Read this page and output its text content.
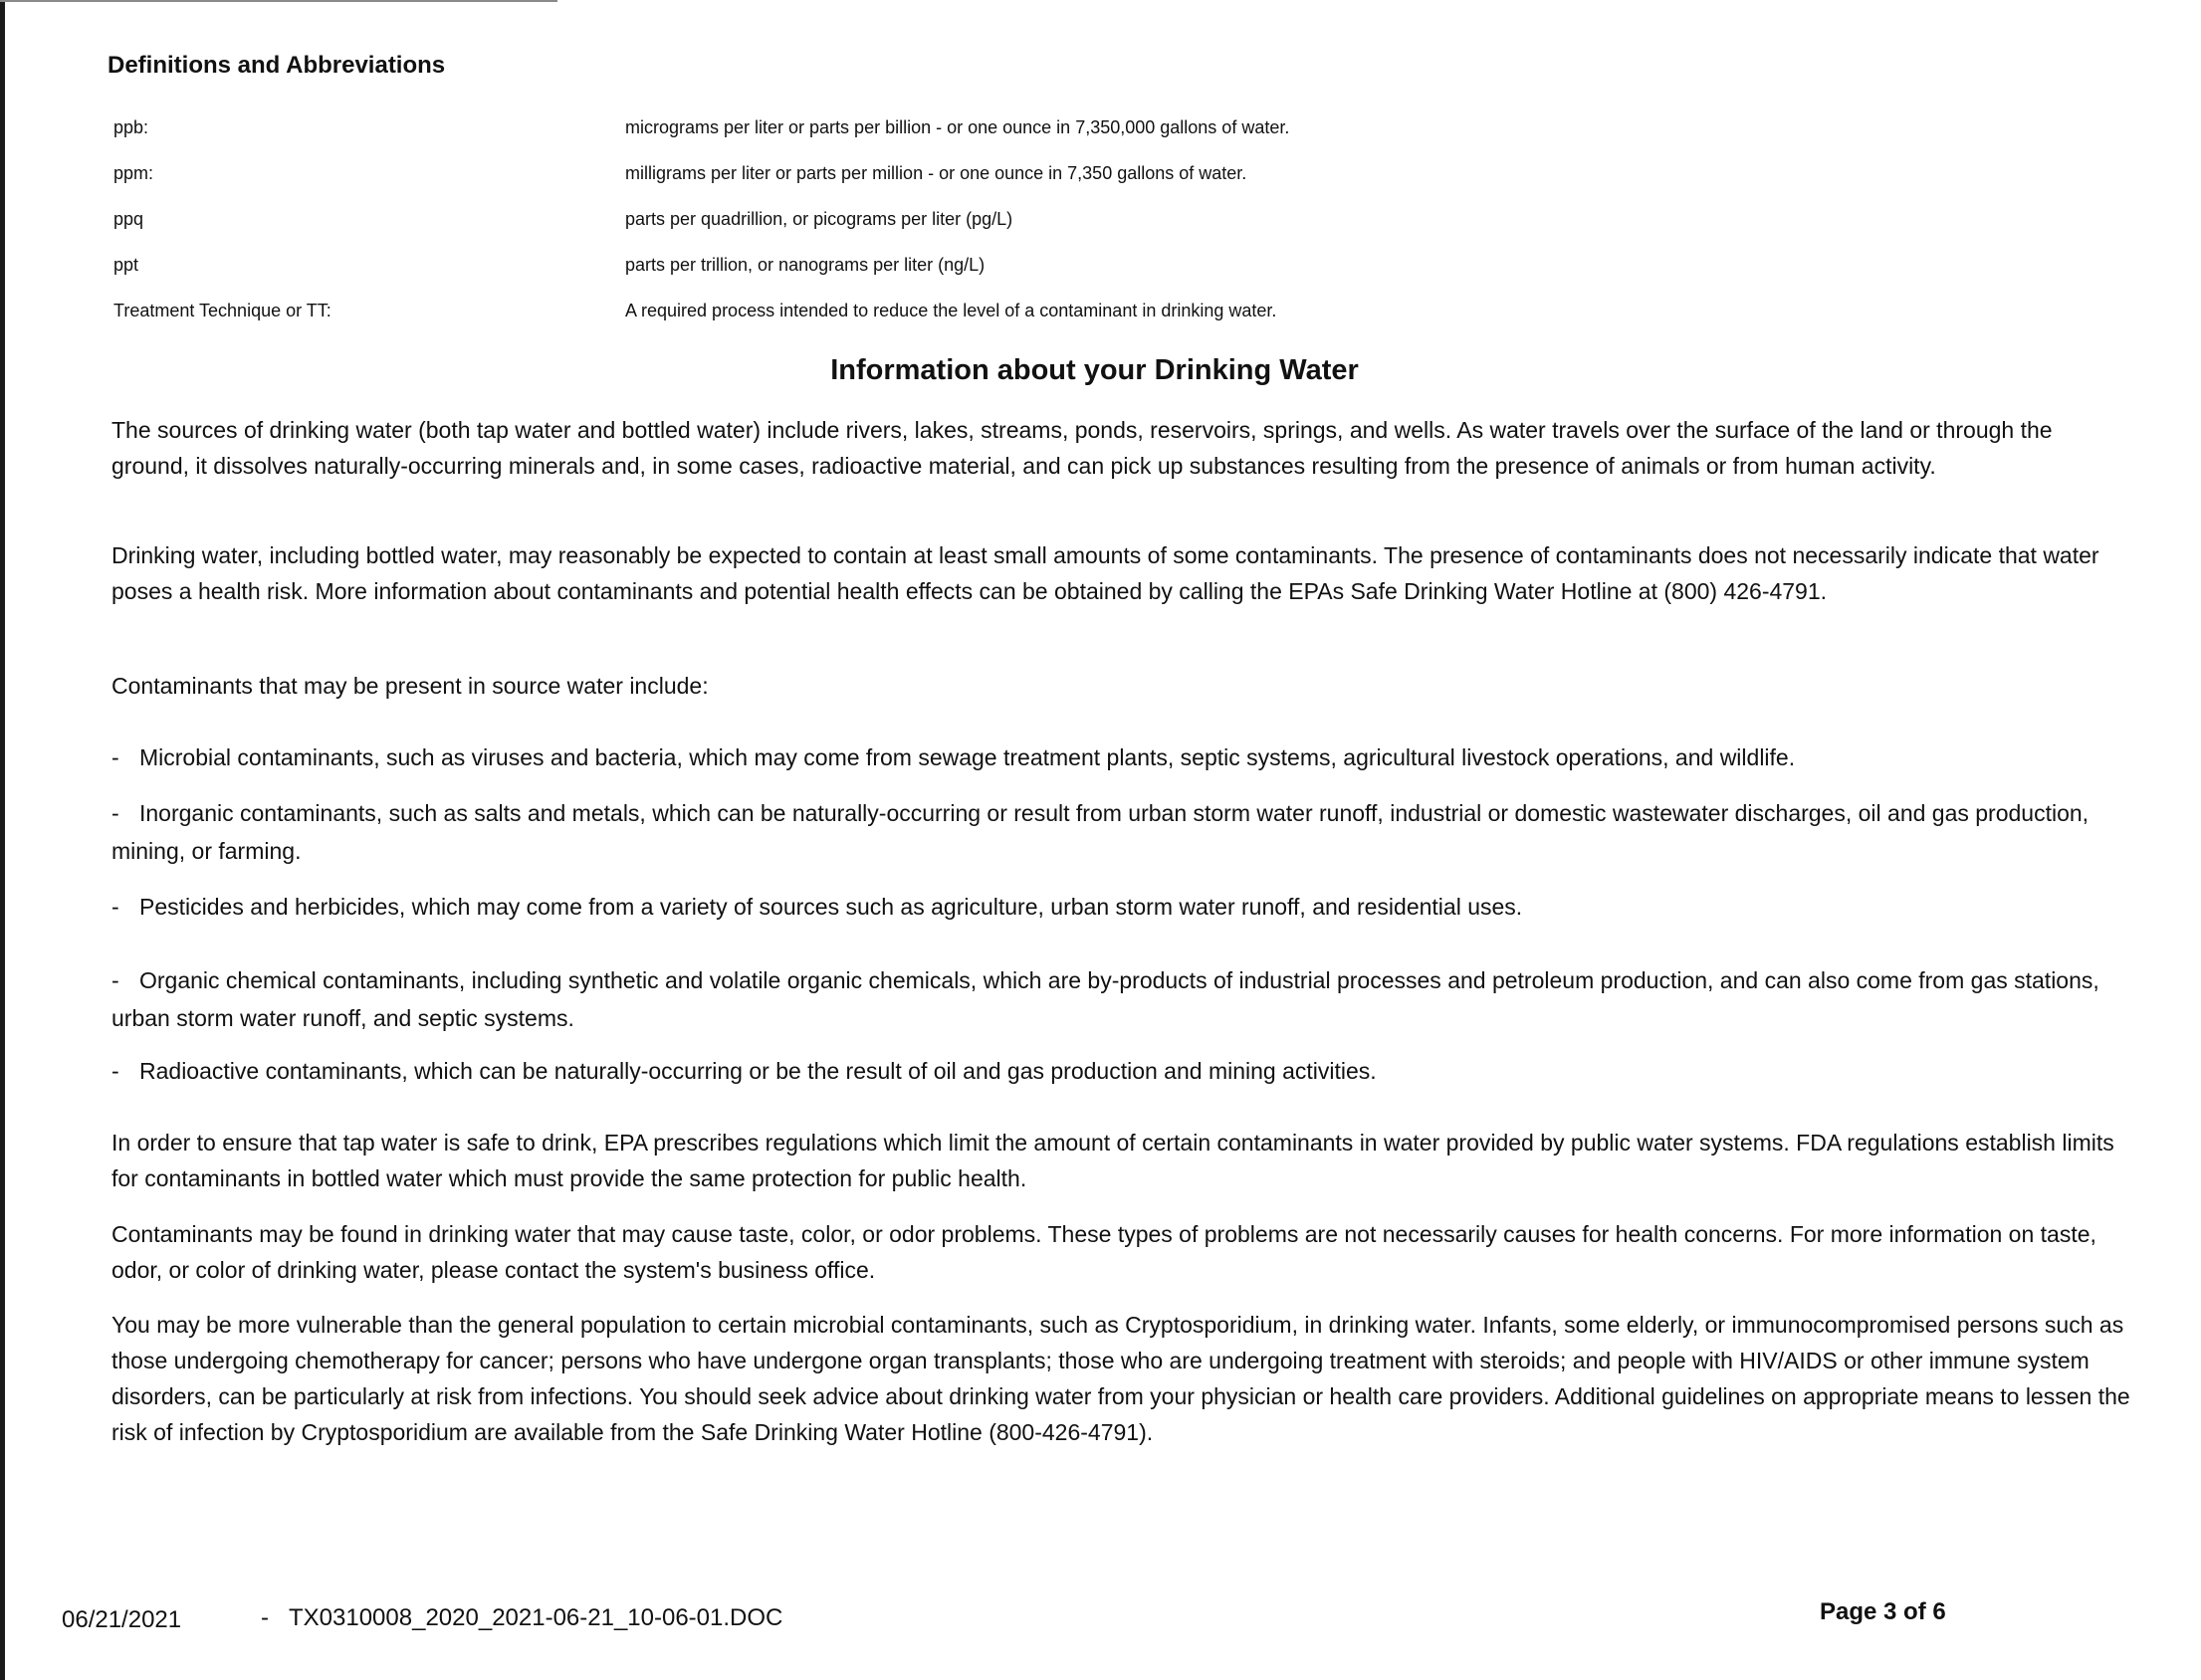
Definitions and Abbreviations
ppb:	micrograms per liter or parts per billion - or one ounce in 7,350,000 gallons of water.
ppm:	milligrams per liter or parts per million - or one ounce in 7,350 gallons of water.
ppq	parts per quadrillion, or picograms per liter (pg/L)
ppt	parts per trillion, or nanograms per liter (ng/L)
Treatment Technique or TT:	A required process intended to reduce the level of a contaminant in drinking water.
Information about your Drinking Water
The sources of drinking water (both tap water and bottled water) include rivers, lakes, streams, ponds, reservoirs, springs, and wells. As water travels over the surface of the land or through the ground, it dissolves naturally-occurring minerals and, in some cases, radioactive material, and can pick up substances resulting from the presence of animals or from human activity.
Drinking water, including bottled water, may reasonably be expected to contain at least small amounts of some contaminants. The presence of contaminants does not necessarily indicate that water poses a health risk. More information about contaminants and potential health effects can be obtained by calling the EPAs Safe Drinking Water Hotline at (800) 426-4791.
Contaminants that may be present in source water include:
- Microbial contaminants, such as viruses and bacteria, which may come from sewage treatment plants, septic systems, agricultural livestock operations, and wildlife.
- Inorganic contaminants, such as salts and metals, which can be naturally-occurring or result from urban storm water runoff, industrial or domestic wastewater discharges, oil and gas production, mining, or farming.
- Pesticides and herbicides, which may come from a variety of sources such as agriculture, urban storm water runoff, and residential uses.
- Organic chemical contaminants, including synthetic and volatile organic chemicals, which are by-products of industrial processes and petroleum production, and can also come from gas stations, urban storm water runoff, and septic systems.
- Radioactive contaminants, which can be naturally-occurring or be the result of oil and gas production and mining activities.
In order to ensure that tap water is safe to drink, EPA prescribes regulations which limit the amount of certain contaminants in water provided by public water systems. FDA regulations establish limits for contaminants in bottled water which must provide the same protection for public health.
Contaminants may be found in drinking water that may cause taste, color, or odor problems. These types of problems are not necessarily causes for health concerns. For more information on taste, odor, or color of drinking water, please contact the system's business office.
You may be more vulnerable than the general population to certain microbial contaminants, such as Cryptosporidium, in drinking water. Infants, some elderly, or immunocompromised persons such as those undergoing chemotherapy for cancer; persons who have undergone organ transplants; those who are undergoing treatment with steroids; and people with HIV/AIDS or other immune system disorders, can be particularly at risk from infections. You should seek advice about drinking water from your physician or health care providers. Additional guidelines on appropriate means to lessen the risk of infection by Cryptosporidium are available from the Safe Drinking Water Hotline (800-426-4791).
06/21/2021	- TX0310008_2020_2021-06-21_10-06-01.DOC	Page 3 of 6
